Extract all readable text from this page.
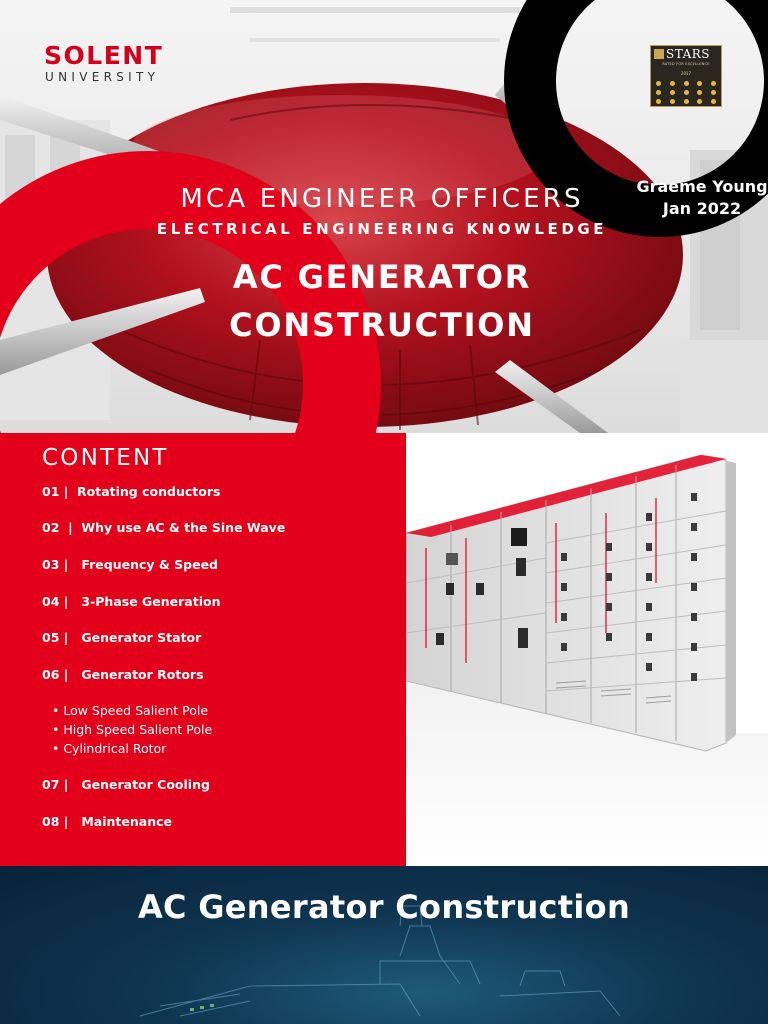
SOLENT
UNIVERSITY
STARS
RATED FOR EXCELLENCE
2017
Graeme Young
Jan 2022
MCA ENGINEER OFFICERS
ELECTRICAL ENGINEERING KNOWLEDGE
AC GENERATOR
CONSTRUCTION
CONTENT
01 |  Rotating conductors
02  |  Why use AC & the Sine Wave
03 |   Frequency & Speed
04 |   3-Phase Generation
05 |   Generator Stator
06 |   Generator Rotors
• Low Speed Salient Pole
• High Speed Salient Pole
• Cylindrical Rotor
07 |   Generator Cooling
08 |   Maintenance
AC Generator Construction
